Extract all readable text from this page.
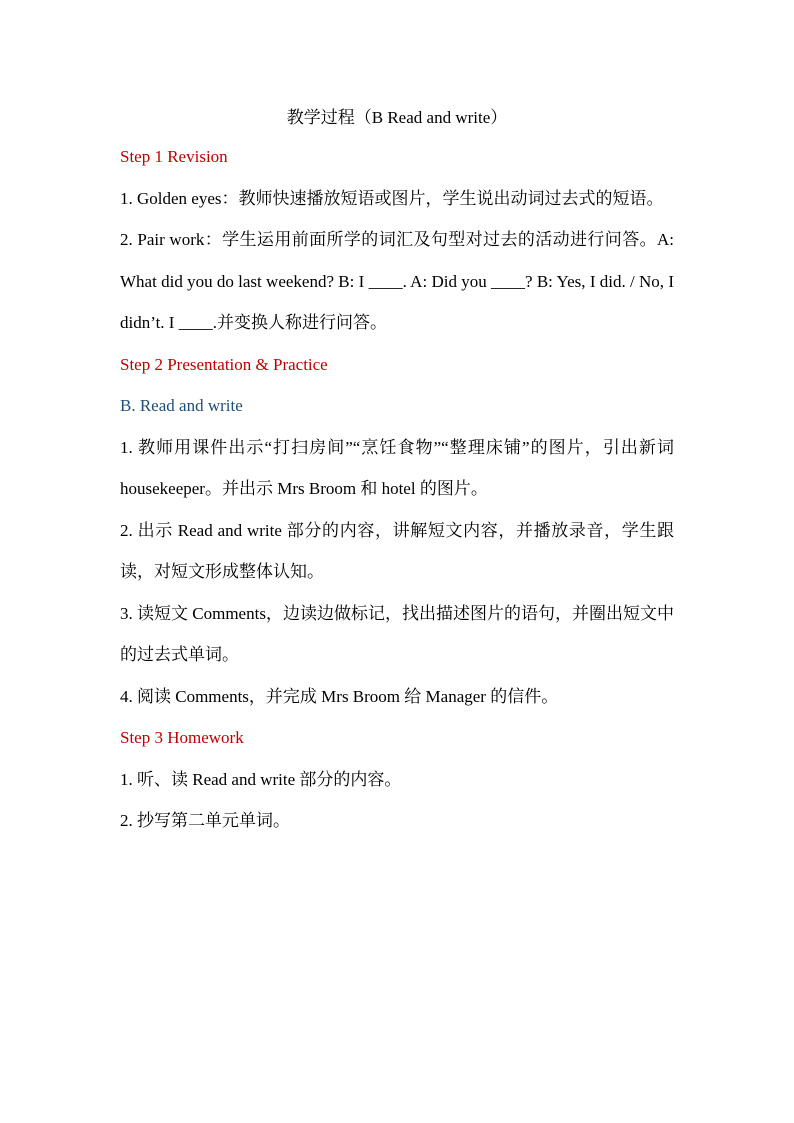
教学过程（B Read and write）
Step 1 Revision

1. Golden eyes：教师快速播放短语或图片，学生说出动词过去式的短语。

2. Pair work：学生运用前面所学的词汇及句型对过去的活动进行问答。A: What did you do last weekend? B: I ____. A: Did you ____? B: Yes, I did. / No, I didn’t. I ____.并变换人称进行问答。

Step 2 Presentation & Practice
B. Read and write

1. 教师用课件出示“打扫房间”“烹饪食物”“整理床铺”的图片，引出新词 housekeeper。并出示 Mrs Broom 和 hotel 的图片。

2. 出示 Read and write 部分的内容，讲解短文内容，并播放录音，学生跟读，对短文形成整体认知。

3. 读短文 Comments，边读边做标记，找出描述图片的语句，并圈出短文中的过去式单词。

4. 阅读 Comments，并完成 Mrs Broom 给 Manager 的信件。

Step 3 Homework

1. 听、读 Read and write 部分的内容。

2. 抄写第二单元单词。
